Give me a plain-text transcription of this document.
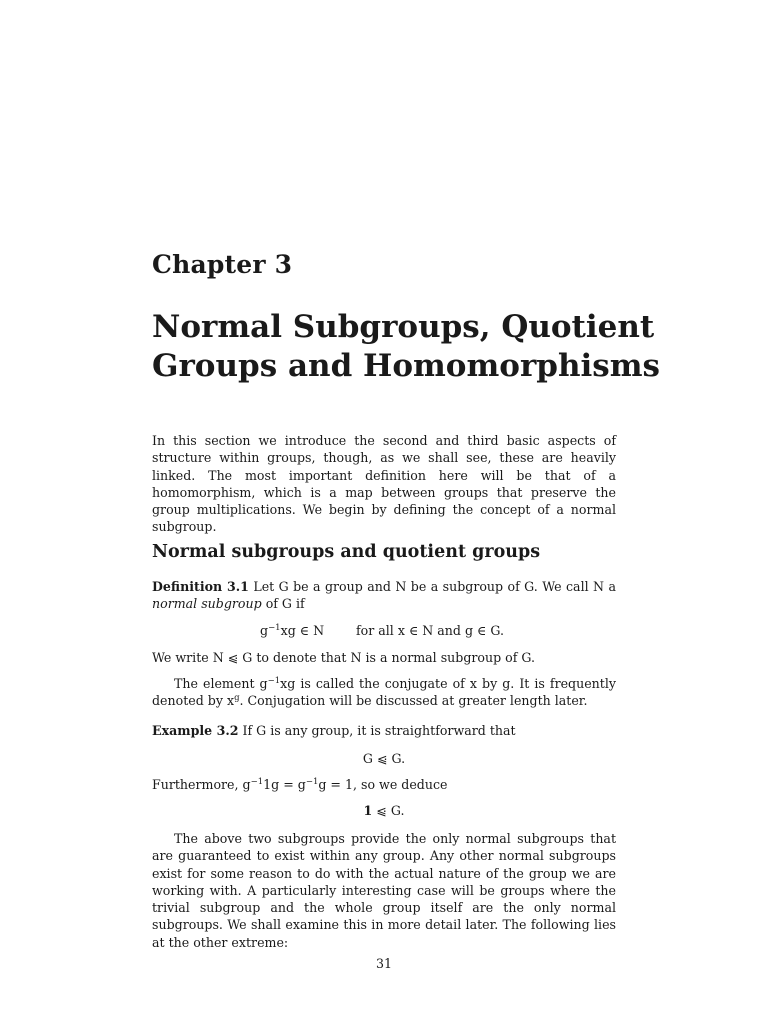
Chapter 3
Normal Subgroups, Quotient
Groups and Homomorphisms

In this section we introduce the second and third basic aspects of structure within groups, though, as we shall see, these are heavily linked. The most important definition here will be that of a homomorphism, which is a map between groups that preserve the group multiplications. We begin by defining the concept of a normal subgroup.

Normal subgroups and quotient groups
Definition 3.1 Let G be a group and N be a subgroup of G. We call N a normal subgroup of G if
$g^{-1}xg$ ∈ N	for all x ∈ N and g ∈ G.
We write N ⩿ G to denote that N is a normal subgroup of G.
The element $g^{-1}xg$ is called the conjugate of x by g. It is frequently denoted by $x^g$. Conjugation will be discussed at greater length later.
Example 3.2 If G is any group, it is straightforward that
G ⩿ G.
Furthermore, $g^{-1}1g = g^{-1}g = 1$, so we deduce
1 ⩿ G.

The above two subgroups provide the only normal subgroups that are guaranteed to exist within any group. Any other normal subgroups exist for some reason to do with the actual nature of the group we are working with. A particularly interesting case will be groups where the trivial subgroup and the whole group itself are the only normal subgroups. We shall examine this in more detail later. The following lies at the other extreme:

31
